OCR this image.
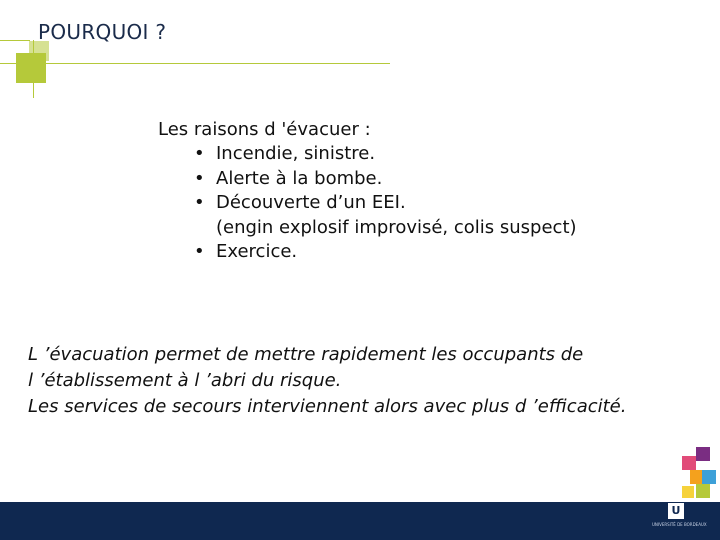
POURQUOI ?
Les raisons d 'évacuer :
• Incendie, sinistre.
• Alerte à la bombe.
• Découverte d’un EEI.
(engin explosif improvisé, colis suspect)
• Exercice.
L ’évacuation permet de mettre rapidement les occupants de
l ’établissement à l ’abri du risque.
Les services de secours interviennent alors avec plus d ’efficacité.
U
UNIVERSITÉ DE BORDEAUX
